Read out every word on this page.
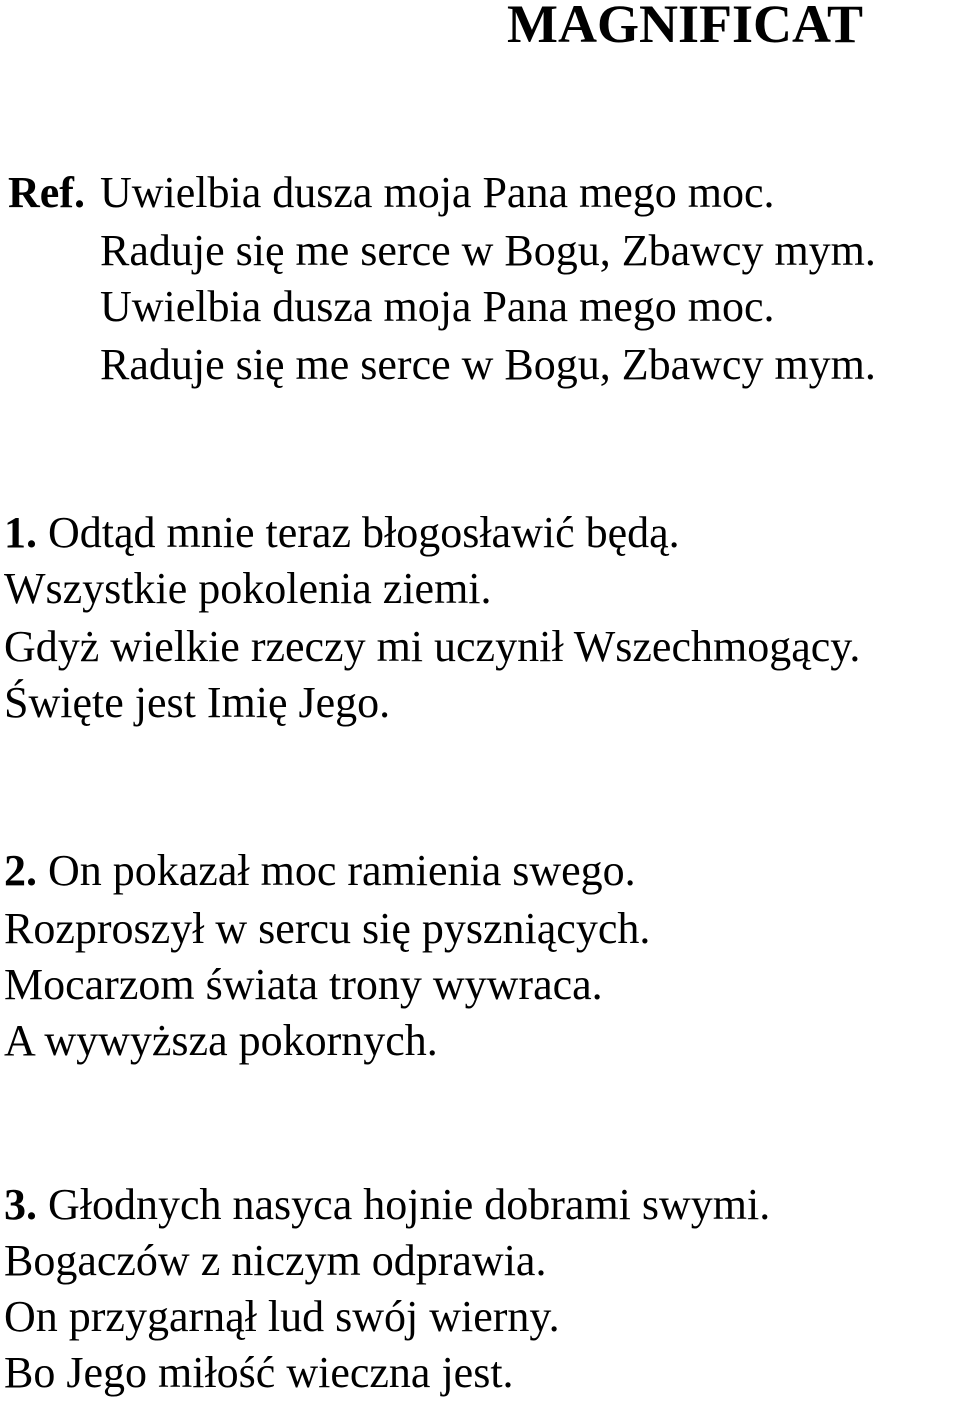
MAGNIFICAT
Ref. Uwielbia dusza moja Pana mego moc.

Raduje się me serce w Bogu, Zbawcy mym.

Uwielbia dusza moja Pana mego moc.

Raduje się me serce w Bogu, Zbawcy mym.

1. Odtąd mnie teraz błogosławić będą.

Wszystkie pokolenia ziemi.

Gdyż wielkie rzeczy mi uczynił Wszechmogący.

Święte jest Imię Jego.

2. On pokazał moc ramienia swego.

Rozproszył w sercu się pyszniących.

Mocarzom świata trony wywraca.

A wywyższa pokornych.

3. Głodnych nasyca hojnie dobrami swymi.

Bogaczów z niczym odprawia.

On przygarnął lud swój wierny.

Bo Jego miłość wieczna jest.
